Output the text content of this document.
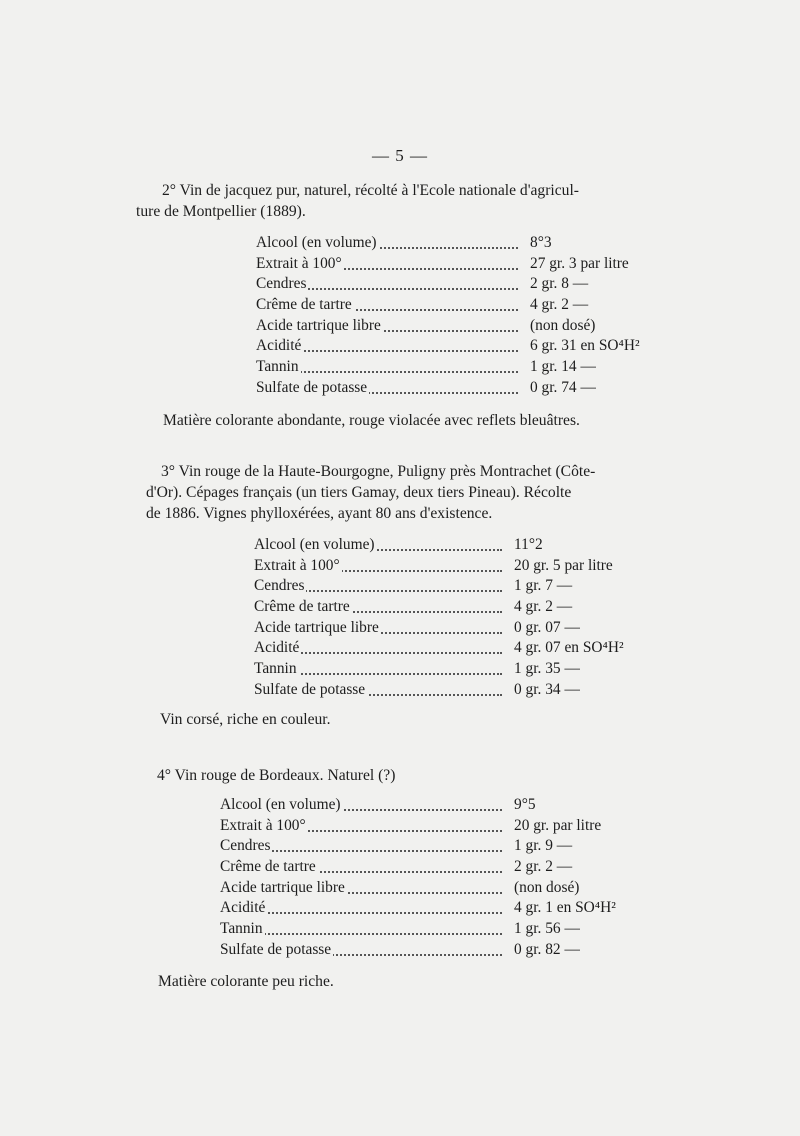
— 5 —

2° Vin de jacquez pur, naturel, récolté à l'Ecole nationale d'agricul-
ture de Montpellier (1889).

Alcool (en volume)	8°3
Extrait à 100°	27 gr. 3 par litre
Cendres	2 gr. 8 —
Crême de tartre	4 gr. 2 —
Acide tartrique libre	(non dosé)
Acidité	6 gr. 31 en SO⁴H²
Tannin	1 gr. 14 —
Sulfate de potasse	0 gr. 74 —

Matière colorante abondante, rouge violacée avec reflets bleuâtres.

3° Vin rouge de la Haute-Bourgogne, Puligny près Montrachet (Côte-
d'Or). Cépages français (un tiers Gamay, deux tiers Pineau). Récolte
de 1886. Vignes phylloxérées, ayant 80 ans d'existence.

Alcool (en volume)	11°2
Extrait à 100°	20 gr. 5 par litre
Cendres	1 gr. 7 —
Crême de tartre	4 gr. 2 —
Acide tartrique libre	0 gr. 07 —
Acidité	4 gr. 07 en SO⁴H²
Tannin	1 gr. 35 —
Sulfate de potasse	0 gr. 34 —

Vin corsé, riche en couleur.

4° Vin rouge de Bordeaux. Naturel (?)

Alcool (en volume)	9°5
Extrait à 100°	20 gr. par litre
Cendres	1 gr. 9 —
Crême de tartre	2 gr. 2 —
Acide tartrique libre	(non dosé)
Acidité	4 gr. 1 en SO⁴H²
Tannin	1 gr. 56 —
Sulfate de potasse	0 gr. 82 —

Matière colorante peu riche.
